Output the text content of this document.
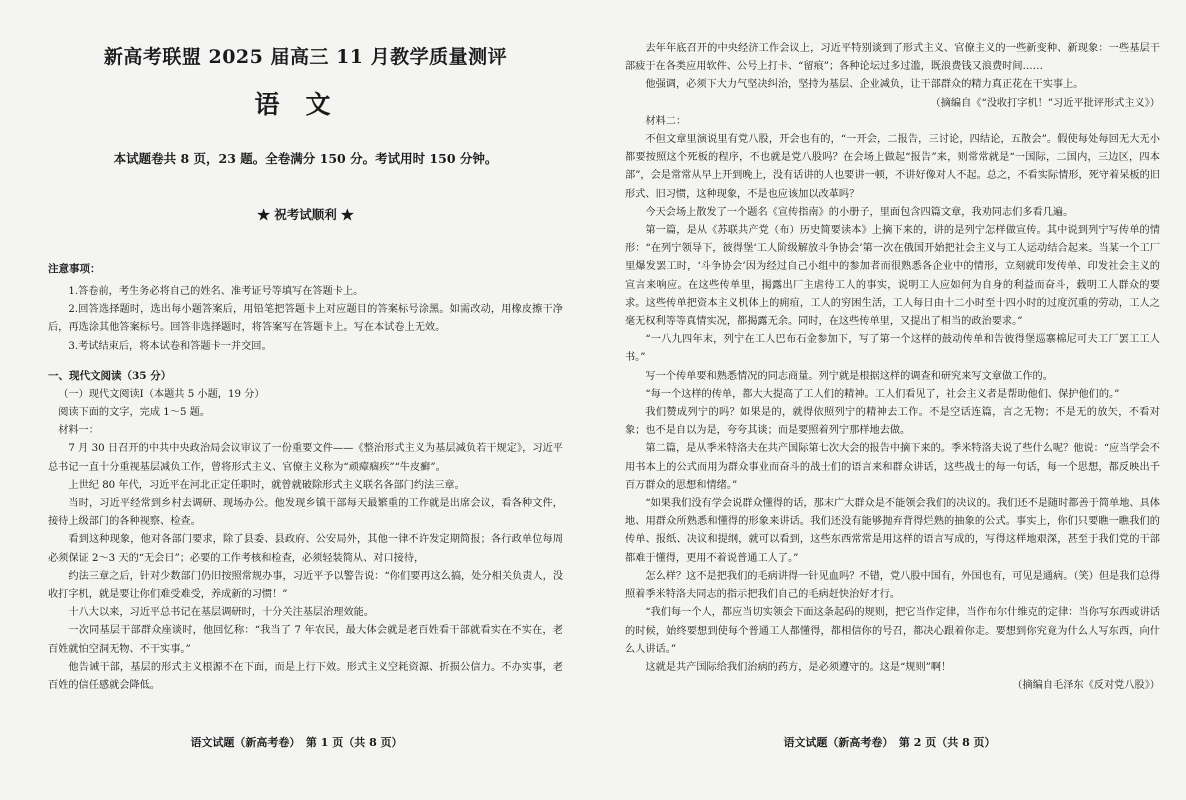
新高考联盟 2025 届高三 11 月教学质量测评
语文
本试题卷共 8 页，23 题。全卷满分 150 分。考试用时 150 分钟。
★ 祝考试顺利 ★
注意事项：

1.答卷前，考生务必将自己的姓名、准考证号等填写在答题卡上。

2.回答选择题时，选出每小题答案后，用铅笔把答题卡上对应题目的答案标号涂黑。如需改动，用橡皮擦干净后，再选涂其他答案标号。回答非选择题时，将答案写在答题卡上。写在本试卷上无效。

3.考试结束后，将本试卷和答题卡一并交回。

一、现代文阅读（35 分）

（一）现代文阅读Ⅰ（本题共 5 小题，19 分）

阅读下面的文字，完成 1～5 题。

材料一：

7 月 30 日召开的中共中央政治局会议审议了一份重要文件——《整治形式主义为基层减负若干规定》，习近平总书记一直十分重视基层减负工作，曾将形式主义、官僚主义称为“顽瘴痼疾”“牛皮癣”。

上世纪 80 年代，习近平在河北正定任职时，就曾就破除形式主义联名各部门约法三章。

当时，习近平经常到乡村去调研、现场办公。他发现乡镇干部每天最繁重的工作就是出席会议，看各种文件，接待上级部门的各种视察、检查。

看到这种现象，他对各部门要求，除了县委、县政府、公安局外，其他一律不许发定期简报；各行政单位每周必须保证 2～3 天的“无会日”；必要的工作考核和检查，必须轻装简从、对口接待，

约法三章之后，针对少数部门仍旧按照常规办事，习近平予以警告说：“你们要再这么搞，处分相关负责人，没收打字机，就是要让你们难受难受，养成新的习惯！”

十八大以来，习近平总书记在基层调研时，十分关注基层治理效能。

一次同基层干部群众座谈时，他回忆称：“我当了 7 年农民，最大体会就是老百姓看干部就看实在不实在，老百姓就怕空洞无物、不干实事。”

他告诫干部，基层的形式主义根源不在下面，而是上行下效。形式主义空耗资源、折损公信力。不办实事，老百姓的信任感就会降低。

语文试题（新高考卷）　第 1 页（共 8 页）

去年年底召开的中央经济工作会议上，习近平特别谈到了形式主义、官僚主义的一些新变种、新现象：一些基层干部疲于在各类应用软件、公号上打卡、“留痕”；各种论坛过多过滥，既浪费钱又浪费时间……

他强调，必须下大力气坚决纠治，坚持为基层、企业减负，让干部群众的精力真正花在干实事上。

（摘编自《“没收打字机！”习近平批评形式主义》）

材料二：

不但文章里演说里有党八股，开会也有的，“一开会，二报告，三讨论，四结论，五散会”。假使每处每回无大无小都要按照这个死板的程序，不也就是党八股吗？在会场上做起“报告”来，则常常就是“一国际，二国内，三边区，四本部”，会是常常从早上开到晚上，没有话讲的人也要讲一顿，不讲好像对人不起。总之，不看实际情形，死守着呆板的旧形式、旧习惯，这种现象，不是也应该加以改革吗？

今天会场上散发了一个题名《宣传指南》的小册子，里面包含四篇文章，我劝同志们多看几遍。

第一篇，是从《苏联共产党（布）历史简要读本》上摘下来的，讲的是列宁怎样做宣传。其中说到列宁写传单的情形：“在列宁领导下，彼得堡‘工人阶级解放斗争协会’第一次在俄国开始把社会主义与工人运动结合起来。当某一个工厂里爆发罢工时，‘斗争协会’因为经过自己小组中的参加者而很熟悉各企业中的情形，立刻就印发传单、印发社会主义的宣言来响应。在这些传单里，揭露出厂主虐待工人的事实，说明工人应如何为自身的利益而奋斗，载明工人群众的要求。这些传单把资本主义机体上的痈疽，工人的穷困生活，工人每日由十二小时至十四小时的过度沉重的劳动，工人之毫无权利等等真情实况，都揭露无余。同时，在这些传单里，又提出了相当的政治要求。”

“一八九四年末，列宁在工人巴布石金参加下，写了第一个这样的鼓动传单和告彼得堡巡寨棉尼可夫工厂罢工工人书。”

写一个传单要和熟悉情况的同志商量。列宁就是根据这样的调查和研究来写文章做工作的。

“每一个这样的传单，都大大提高了工人们的精神。工人们看见了，社会主义者是帮助他们、保护他们的。”

我们赞成列宁的吗？如果是的，就得依照列宁的精神去工作。不是空话连篇，言之无物；不是无的放矢，不看对象；也不是自以为是，夸夸其谈；而是要照着列宁那样地去做。

第二篇，是从季米特洛夫在共产国际第七次大会的报告中摘下来的。季米特洛夫说了些什么呢？他说：“应当学会不用书本上的公式而用为群众事业而奋斗的战士们的语言来和群众讲话，这些战士的每一句话，每一个思想，都反映出千百万群众的思想和情绪。”

“如果我们没有学会说群众懂得的话，那末广大群众是不能领会我们的决议的。我们还不是随时都善于简单地、具体地、用群众所熟悉和懂得的形象来讲话。我们还没有能够抛弃背得烂熟的抽象的公式。事实上，你们只要瞧一瞧我们的传单、报纸、决议和提纲，就可以看到，这些东西常常是用这样的语言写成的，写得这样地艰深，甚至于我们党的干部都难于懂得，更用不着说普通工人了。”

怎么样？这不是把我们的毛病讲得一针见血吗？不错，党八股中国有，外国也有，可见是通病。（笑）但是我们总得照着季米特洛夫同志的指示把我们自己的毛病赶快治好才行。

“我们每一个人，都应当切实领会下面这条起码的规则，把它当作定律，当作布尔什维克的定律：当你写东西或讲话的时候，始终要想到使每个普通工人都懂得，都相信你的号召，都决心跟着你走。要想到你究竟为什么人写东西，向什么人讲话。”

这就是共产国际给我们治病的药方，是必须遵守的。这是“规则”啊！

（摘编自毛泽东《反对党八股》）

语文试题（新高考卷）　第 2 页（共 8 页）
